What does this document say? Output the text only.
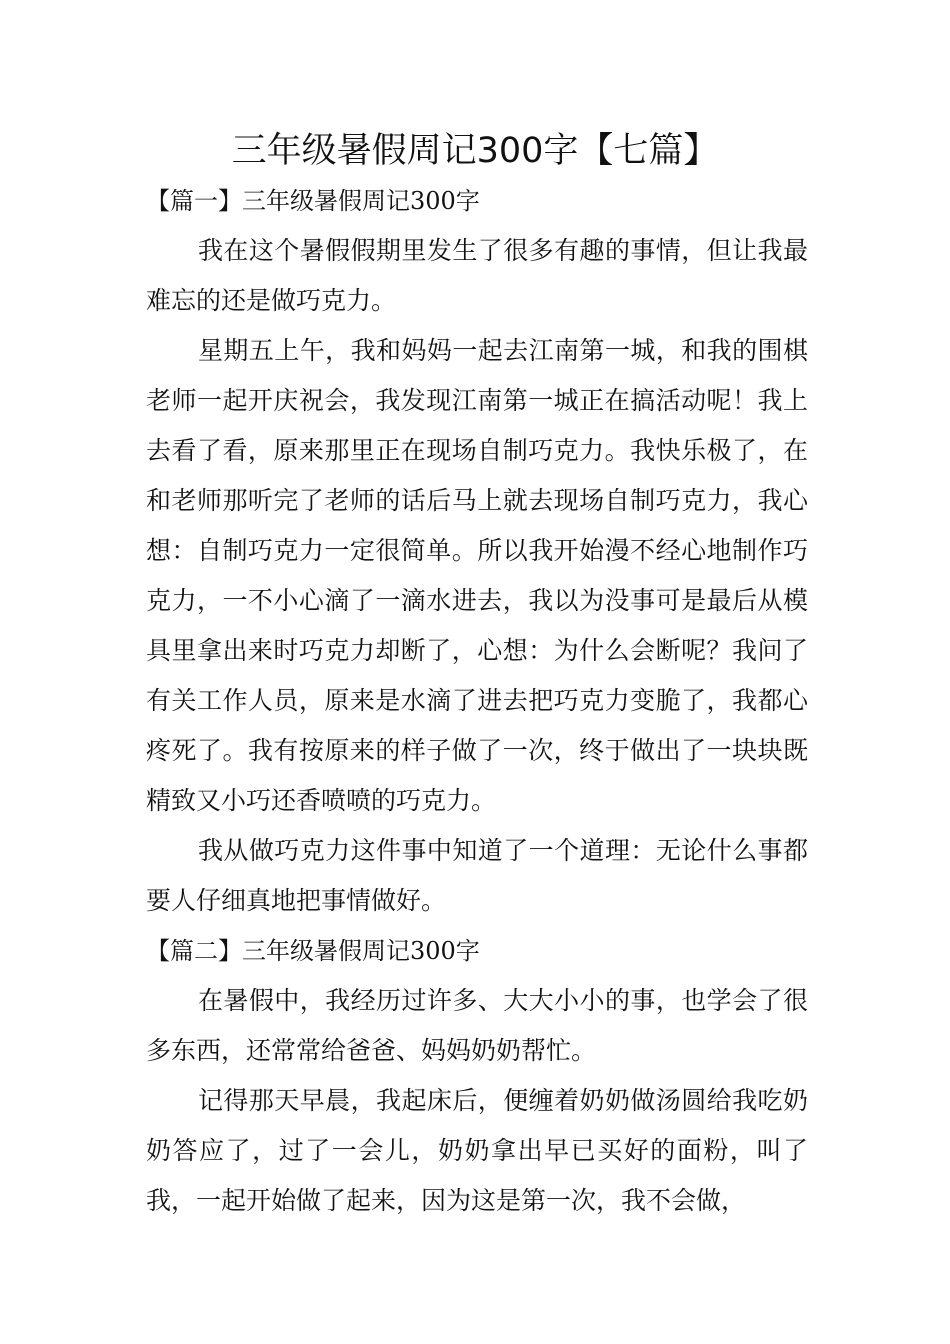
三年级暑假周记300字【七篇】

【篇一】三年级暑假周记300字

我在这个暑假假期里发生了很多有趣的事情，但让我最难忘的还是做巧克力。

星期五上午，我和妈妈一起去江南第一城，和我的围棋老师一起开庆祝会，我发现江南第一城正在搞活动呢！我上去看了看，原来那里正在现场自制巧克力。我快乐极了，在和老师那听完了老师的话后马上就去现场自制巧克力，我心想：自制巧克力一定很简单。所以我开始漫不经心地制作巧克力，一不小心滴了一滴水进去，我以为没事可是最后从模具里拿出来时巧克力却断了，心想：为什么会断呢？我问了有关工作人员，原来是水滴了进去把巧克力变脆了，我都心疼死了。我有按原来的样子做了一次，终于做出了一块块既精致又小巧还香喷喷的巧克力。

我从做巧克力这件事中知道了一个道理：无论什么事都要人仔细真地把事情做好。

【篇二】三年级暑假周记300字

在暑假中，我经历过许多、大大小小的事，也学会了很多东西，还常常给爸爸、妈妈奶奶帮忙。

记得那天早晨，我起床后，便缠着奶奶做汤圆给我吃奶奶答应了，过了一会儿，奶奶拿出早已买好的面粉，叫了我，一起开始做了起来，因为这是第一次，我不会做，
